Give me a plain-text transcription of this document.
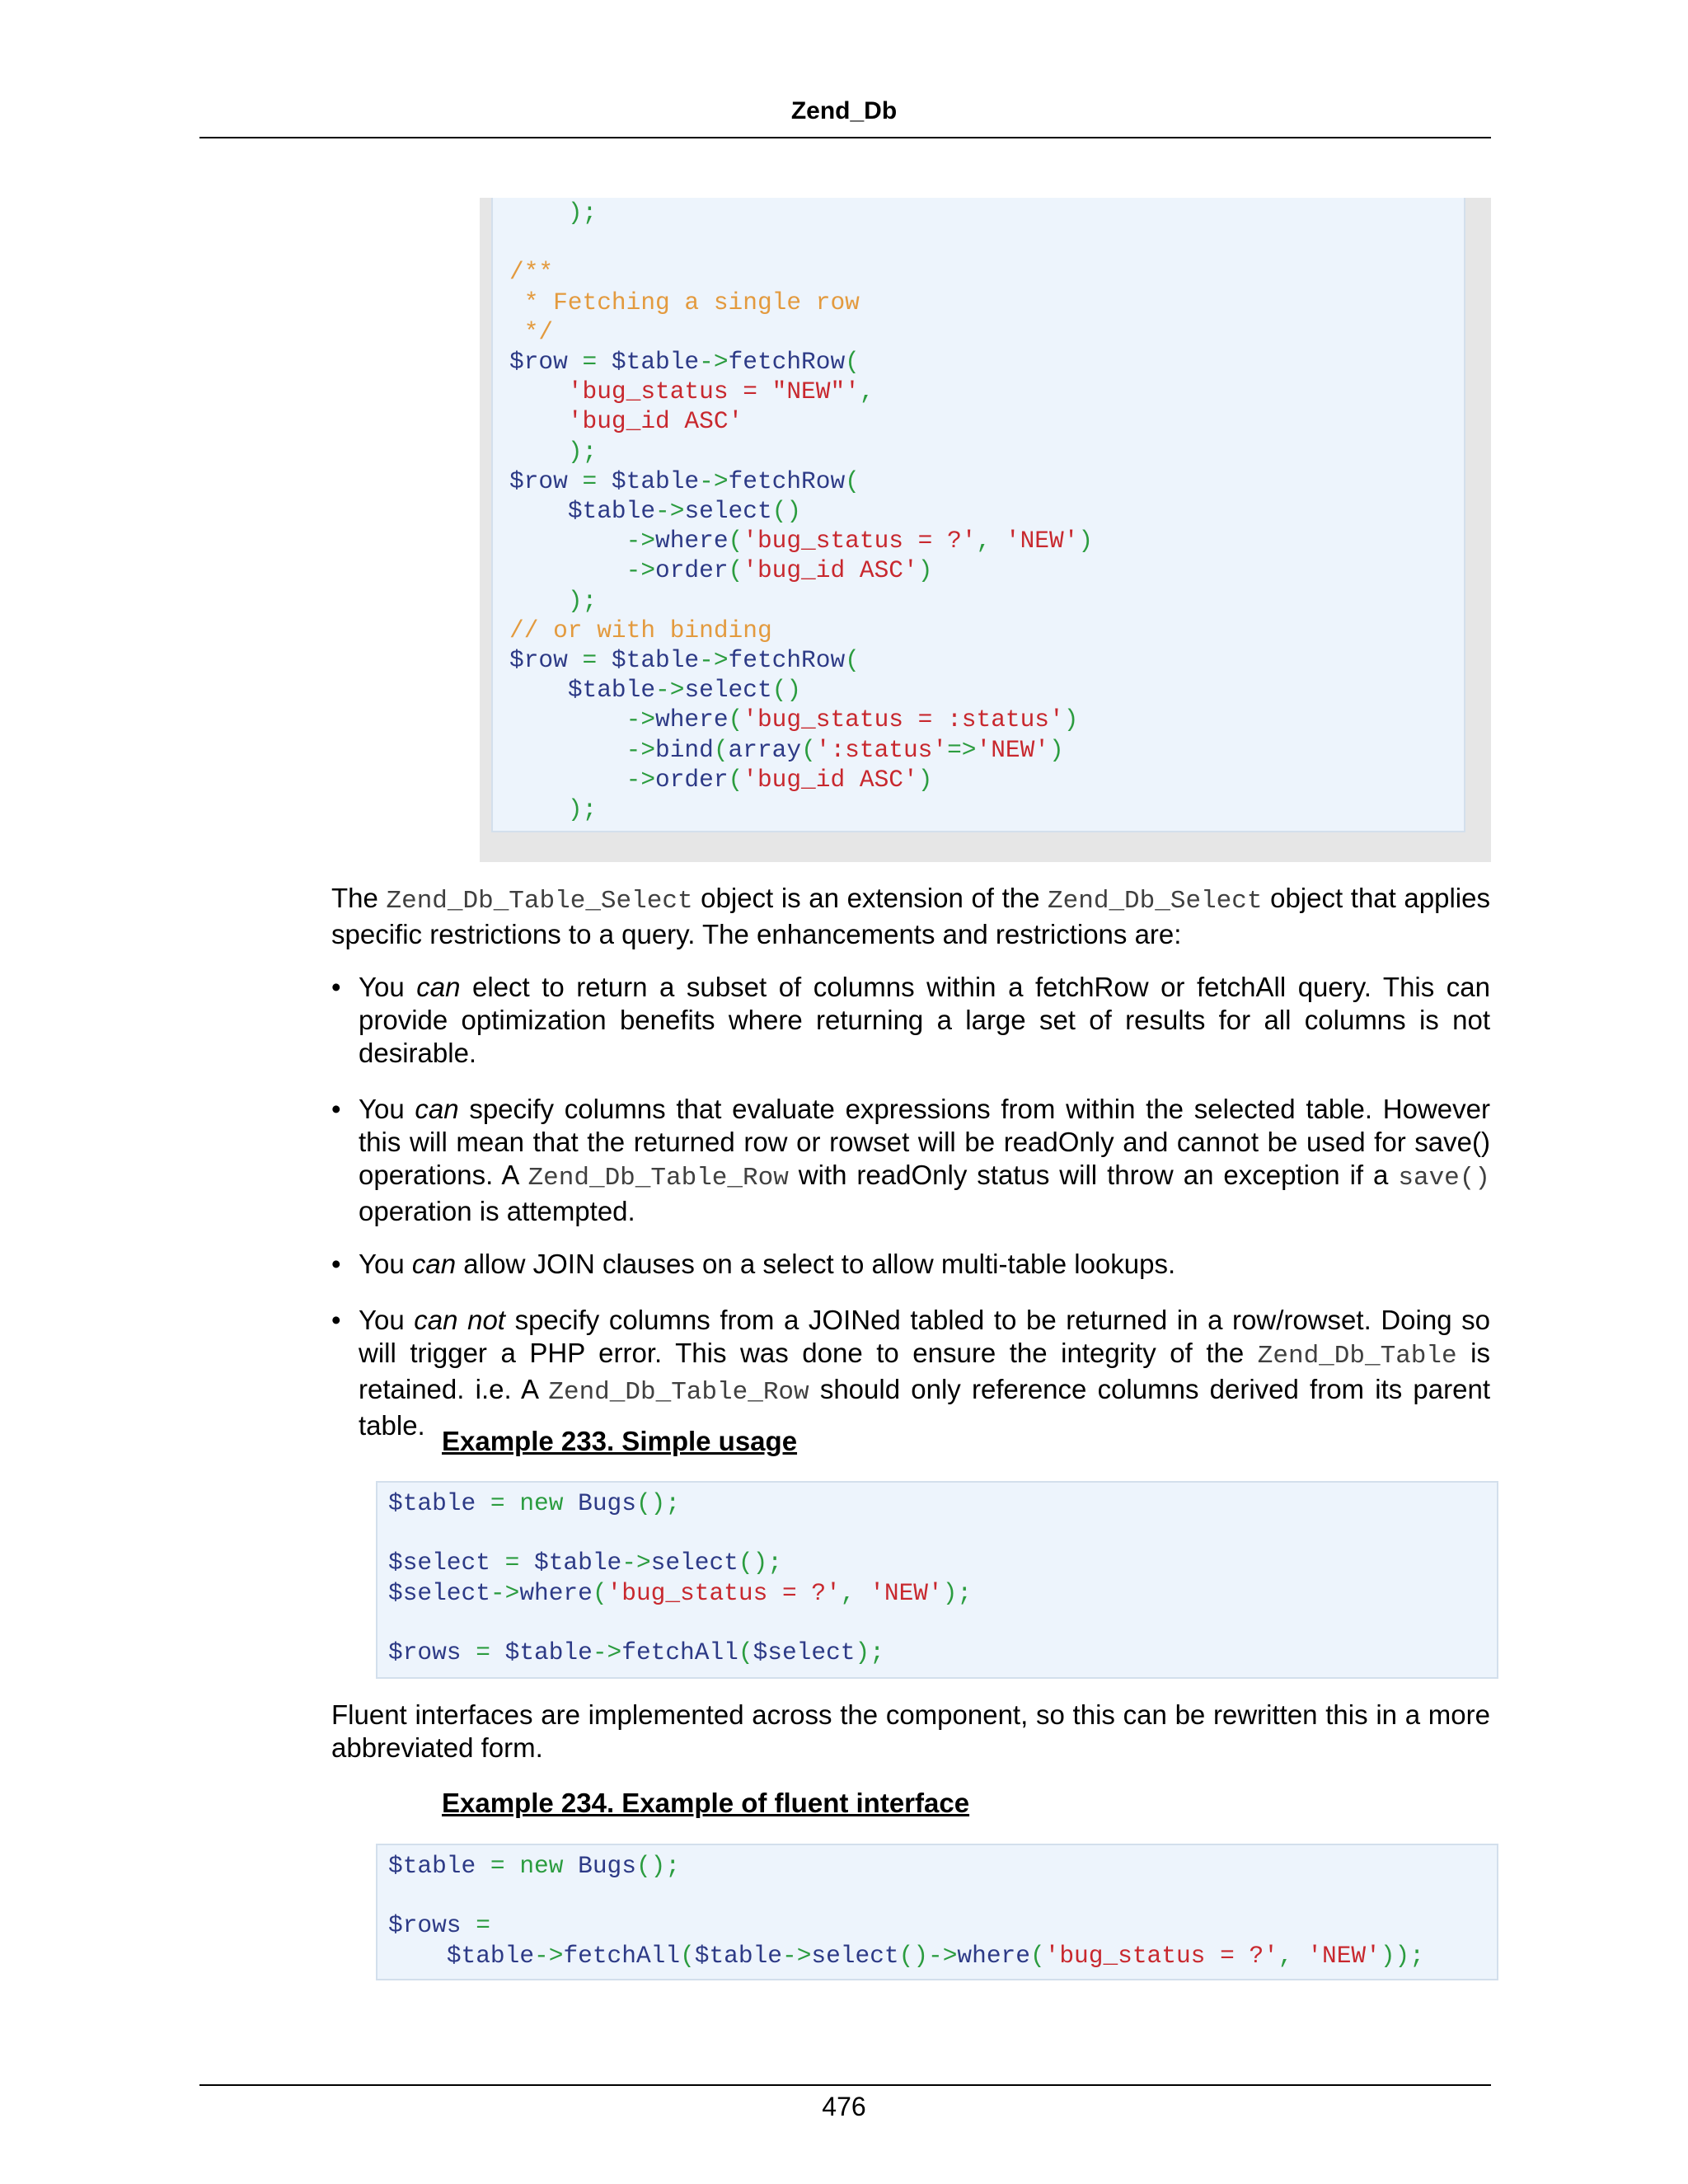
Zend_Db
);

/**
* Fetching a single row
*/
$row = $table->fetchRow(
'bug_status = "NEW"',
'bug_id ASC'
);
$row = $table->fetchRow(
$table->select()
->where('bug_status = ?', 'NEW')
->order('bug_id ASC')
);
// or with binding
$row = $table->fetchRow(
$table->select()
->where('bug_status = :status')
->bind(array(':status'=>'NEW')
->order('bug_id ASC')
);
The Zend_Db_Table_Select object is an extension of the Zend_Db_Select object that applies specific restrictions to a query. The enhancements and restrictions are:
• You can elect to return a subset of columns within a fetchRow or fetchAll query. This can provide optimization benefits where returning a large set of results for all columns is not desirable.
• You can specify columns that evaluate expressions from within the selected table. However this will mean that the returned row or rowset will be readOnly and cannot be used for save() operations. A Zend_Db_Table_Row with readOnly status will throw an exception if a save() operation is attempted.
• You can allow JOIN clauses on a select to allow multi-table lookups.
• You can not specify columns from a JOINed tabled to be returned in a row/rowset. Doing so will trigger a PHP error. This was done to ensure the integrity of the Zend_Db_Table is retained. i.e. A Zend_Db_Table_Row should only reference columns derived from its parent table.
Example 233. Simple usage
$table = new Bugs();

$select = $table->select();
$select->where('bug_status = ?', 'NEW');

$rows = $table->fetchAll($select);
Fluent interfaces are implemented across the component, so this can be rewritten this in a more abbreviated form.
Example 234. Example of fluent interface
$table = new Bugs();

$rows =
$table->fetchAll($table->select()->where('bug_status = ?', 'NEW'));
476
